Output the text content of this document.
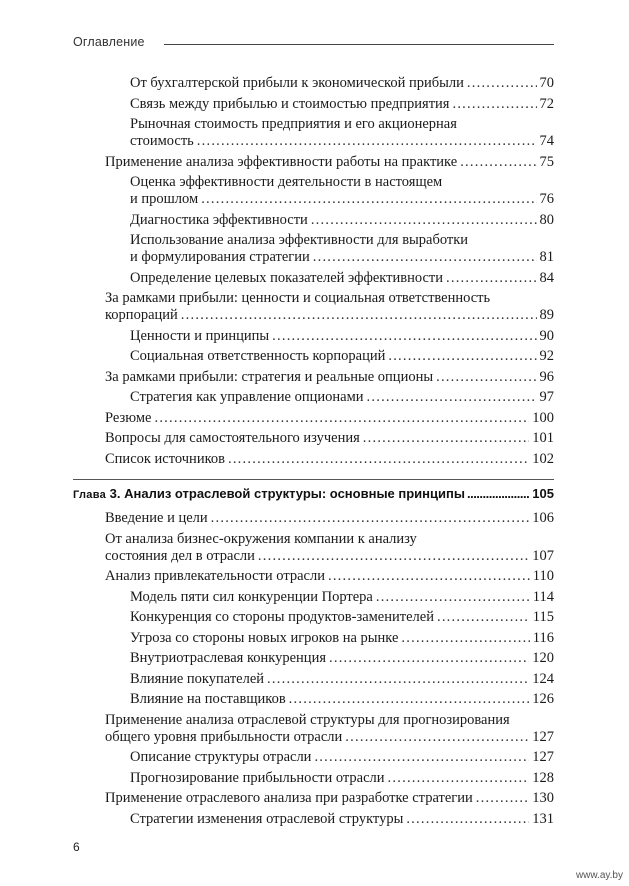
Оглавление
От бухгалтерской прибыли к экономической прибыли . . .	70
Связь между прибылью и стоимостью предприятия . . .	72
Рыночная стоимость предприятия и его акционерная
стоимость . . .	74
Применение анализа эффективности работы на практике . . .	75
Оценка эффективности деятельности в настоящем
и прошлом . . .	76
Диагностика эффективности . . .	80
Использование анализа эффективности для выработки
и формулирования стратегии . . .	81
Определение целевых показателей эффективности . . .	84
За рамками прибыли: ценности и социальная ответственность
корпораций . . .	89
Ценности и принципы . . .	90
Социальная ответственность корпораций . . .	92
За рамками прибыли: стратегия и реальные опционы . . .	96
Стратегия как управление опционами . . .	97
Резюме . . .	100
Вопросы для самостоятельного изучения . . .	101
Список источников . . .	102
Введение и цели . . .	106
От анализа бизнес-окружения компании к анализу
состояния дел в отрасли . . .	107
Анализ привлекательности отрасли . . .	110
Модель пяти сил конкуренции Портера . . .	114
Конкуренция со стороны продуктов-заменителей . . .	115
Угроза со стороны новых игроков на рынке . . .	116
Внутриотраслевая конкуренция . . .	120
Влияние покупателей . . .	124
Влияние на поставщиков . . .	126
Применение анализа отраслевой структуры для прогнозирования
общего уровня прибыльности отрасли . . .	127
Описание структуры отрасли . . .	127
Прогнозирование прибыльности отрасли . . .	128
Применение отраслевого анализа при разработке стратегии . . .	130
Стратегии изменения отраслевой структуры . . .	131
Глава
3. Анализ отраслевой структуры: основные принципы .....	105
6
www.ay.by
